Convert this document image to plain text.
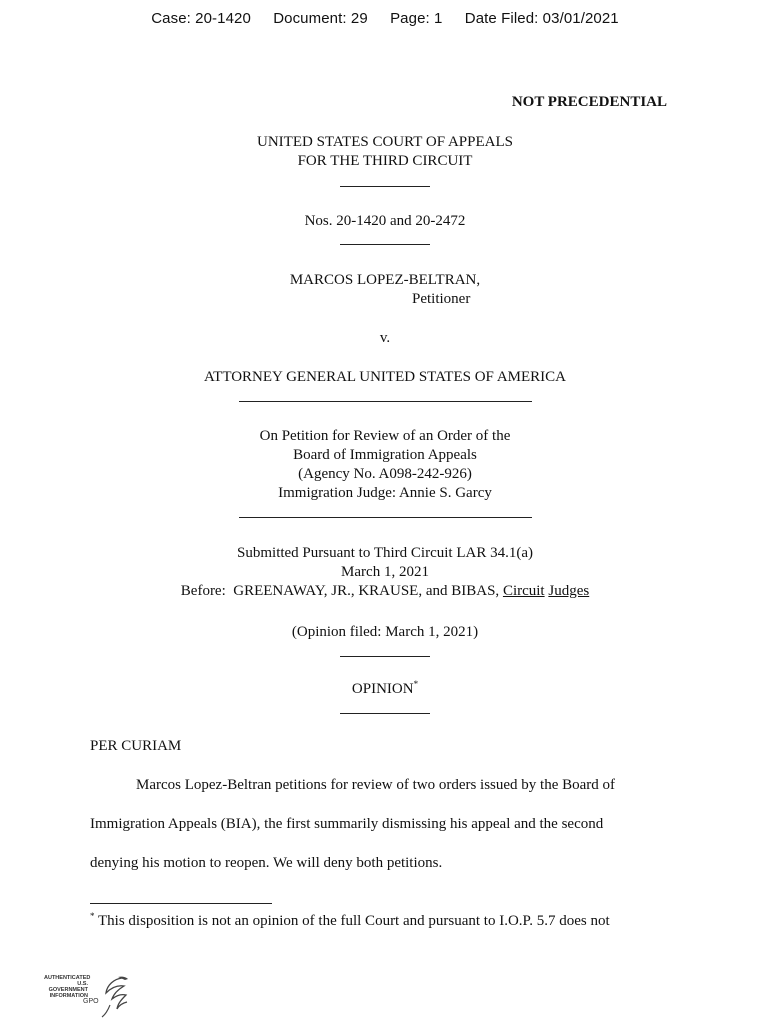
Case: 20-1420 Document: 29 Page: 1 Date Filed: 03/01/2021
NOT PRECEDENTIAL
UNITED STATES COURT OF APPEALS
FOR THE THIRD CIRCUIT
Nos. 20-1420 and 20-2472
MARCOS LOPEZ-BELTRAN,
Petitioner
v.
ATTORNEY GENERAL UNITED STATES OF AMERICA
On Petition for Review of an Order of the
Board of Immigration Appeals
(Agency No. A098-242-926)
Immigration Judge: Annie S. Garcy
Submitted Pursuant to Third Circuit LAR 34.1(a)
March 1, 2021
Before:  GREENAWAY, JR., KRAUSE, and BIBAS, Circuit Judges
(Opinion filed: March 1, 2021)
OPINION*
PER CURIAM
Marcos Lopez-Beltran petitions for review of two orders issued by the Board of
Immigration Appeals (BIA), the first summarily dismissing his appeal and the second
denying his motion to reopen. We will deny both petitions.
* This disposition is not an opinion of the full Court and pursuant to I.O.P. 5.7 does not
AUTHENTICATED
U.S. GOVERNMENT
INFORMATION
GPO
